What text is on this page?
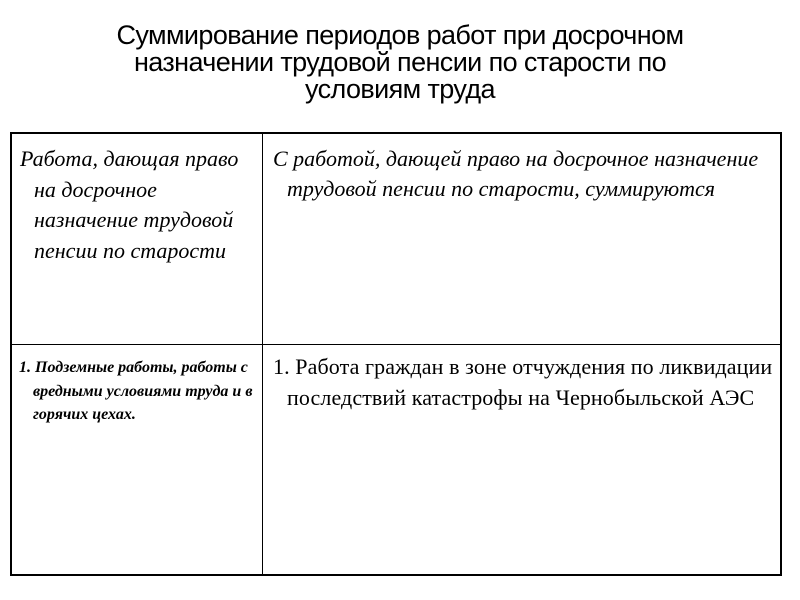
Суммирование периодов работ при досрочном
назначении трудовой пенсии по старости по
условиям труда

Работа, дающая право на досрочное назначение трудовой пенсии по старости

С работой, дающей право на досрочное назначение трудовой пенсии по старости, суммируются

1. Подземные работы, работы с вредными условиями труда и в горячих цехах.

1. Работа граждан в зоне отчуждения по ликвидации последствий катастрофы на Чернобыльской АЭС
